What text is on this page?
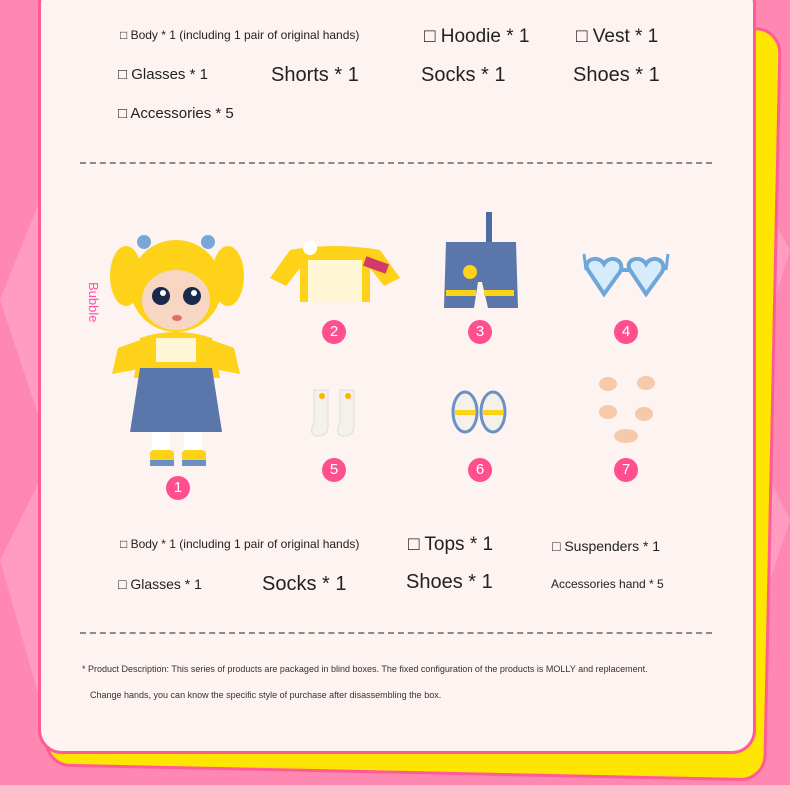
□ Body * 1 (including 1 pair of original hands)	□ Hoodie * 1 □ Vest * 1
□ Glasses * 1	Shorts * 1	Socks * 1	Shoes * 1
□ Accessories * 5
Bubble
1
2	3	4
5	6	7
□ Body * 1 (including 1 pair of original hands)	□ Tops * 1	□ Suspenders * 1
□ Glasses * 1	Socks * 1	Shoes * 1	Accessories hand * 5
* Product Description: This series of products are packaged in blind boxes. The fixed configuration of the products is MOLLY and replacement.
Change hands, you can know the specific style of purchase after disassembling the box.
